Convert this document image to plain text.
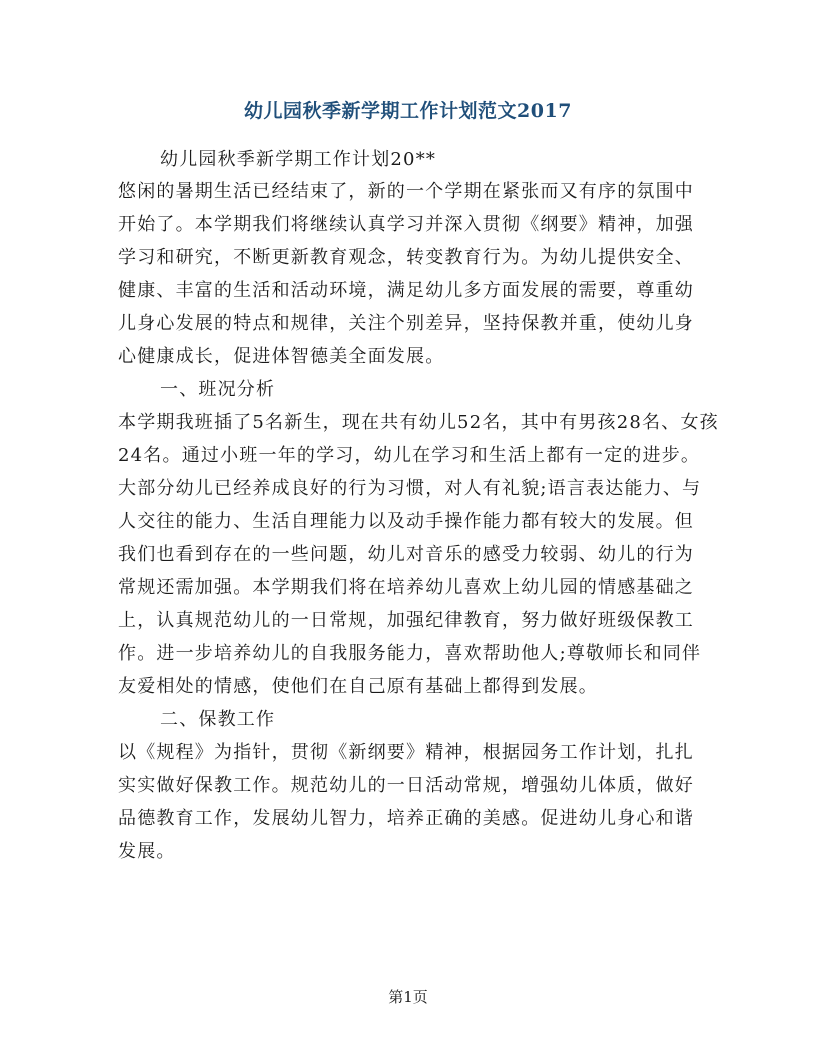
幼儿园秋季新学期工作计划范文2017
幼儿园秋季新学期工作计划20**
悠闲的暑期生活已经结束了，新的一个学期在紧张而又有序的氛围中
开始了。本学期我们将继续认真学习并深入贯彻《纲要》精神，加强
学习和研究，不断更新教育观念，转变教育行为。为幼儿提供安全、
健康、丰富的生活和活动环境，满足幼儿多方面发展的需要，尊重幼
儿身心发展的特点和规律，关注个别差异，坚持保教并重，使幼儿身
心健康成长，促进体智德美全面发展。
一、班况分析
本学期我班插了5名新生，现在共有幼儿52名，其中有男孩28名、女孩
24名。通过小班一年的学习，幼儿在学习和生活上都有一定的进步。
大部分幼儿已经养成良好的行为习惯，对人有礼貌;语言表达能力、与
人交往的能力、生活自理能力以及动手操作能力都有较大的发展。但
我们也看到存在的一些问题，幼儿对音乐的感受力较弱、幼儿的行为
常规还需加强。本学期我们将在培养幼儿喜欢上幼儿园的情感基础之
上，认真规范幼儿的一日常规，加强纪律教育，努力做好班级保教工
作。进一步培养幼儿的自我服务能力，喜欢帮助他人;尊敬师长和同伴
友爱相处的情感，使他们在自己原有基础上都得到发展。
二、保教工作
以《规程》为指针，贯彻《新纲要》精神，根据园务工作计划，扎扎
实实做好保教工作。规范幼儿的一日活动常规，增强幼儿体质，做好
品德教育工作，发展幼儿智力，培养正确的美感。促进幼儿身心和谐
发展。
第1页
